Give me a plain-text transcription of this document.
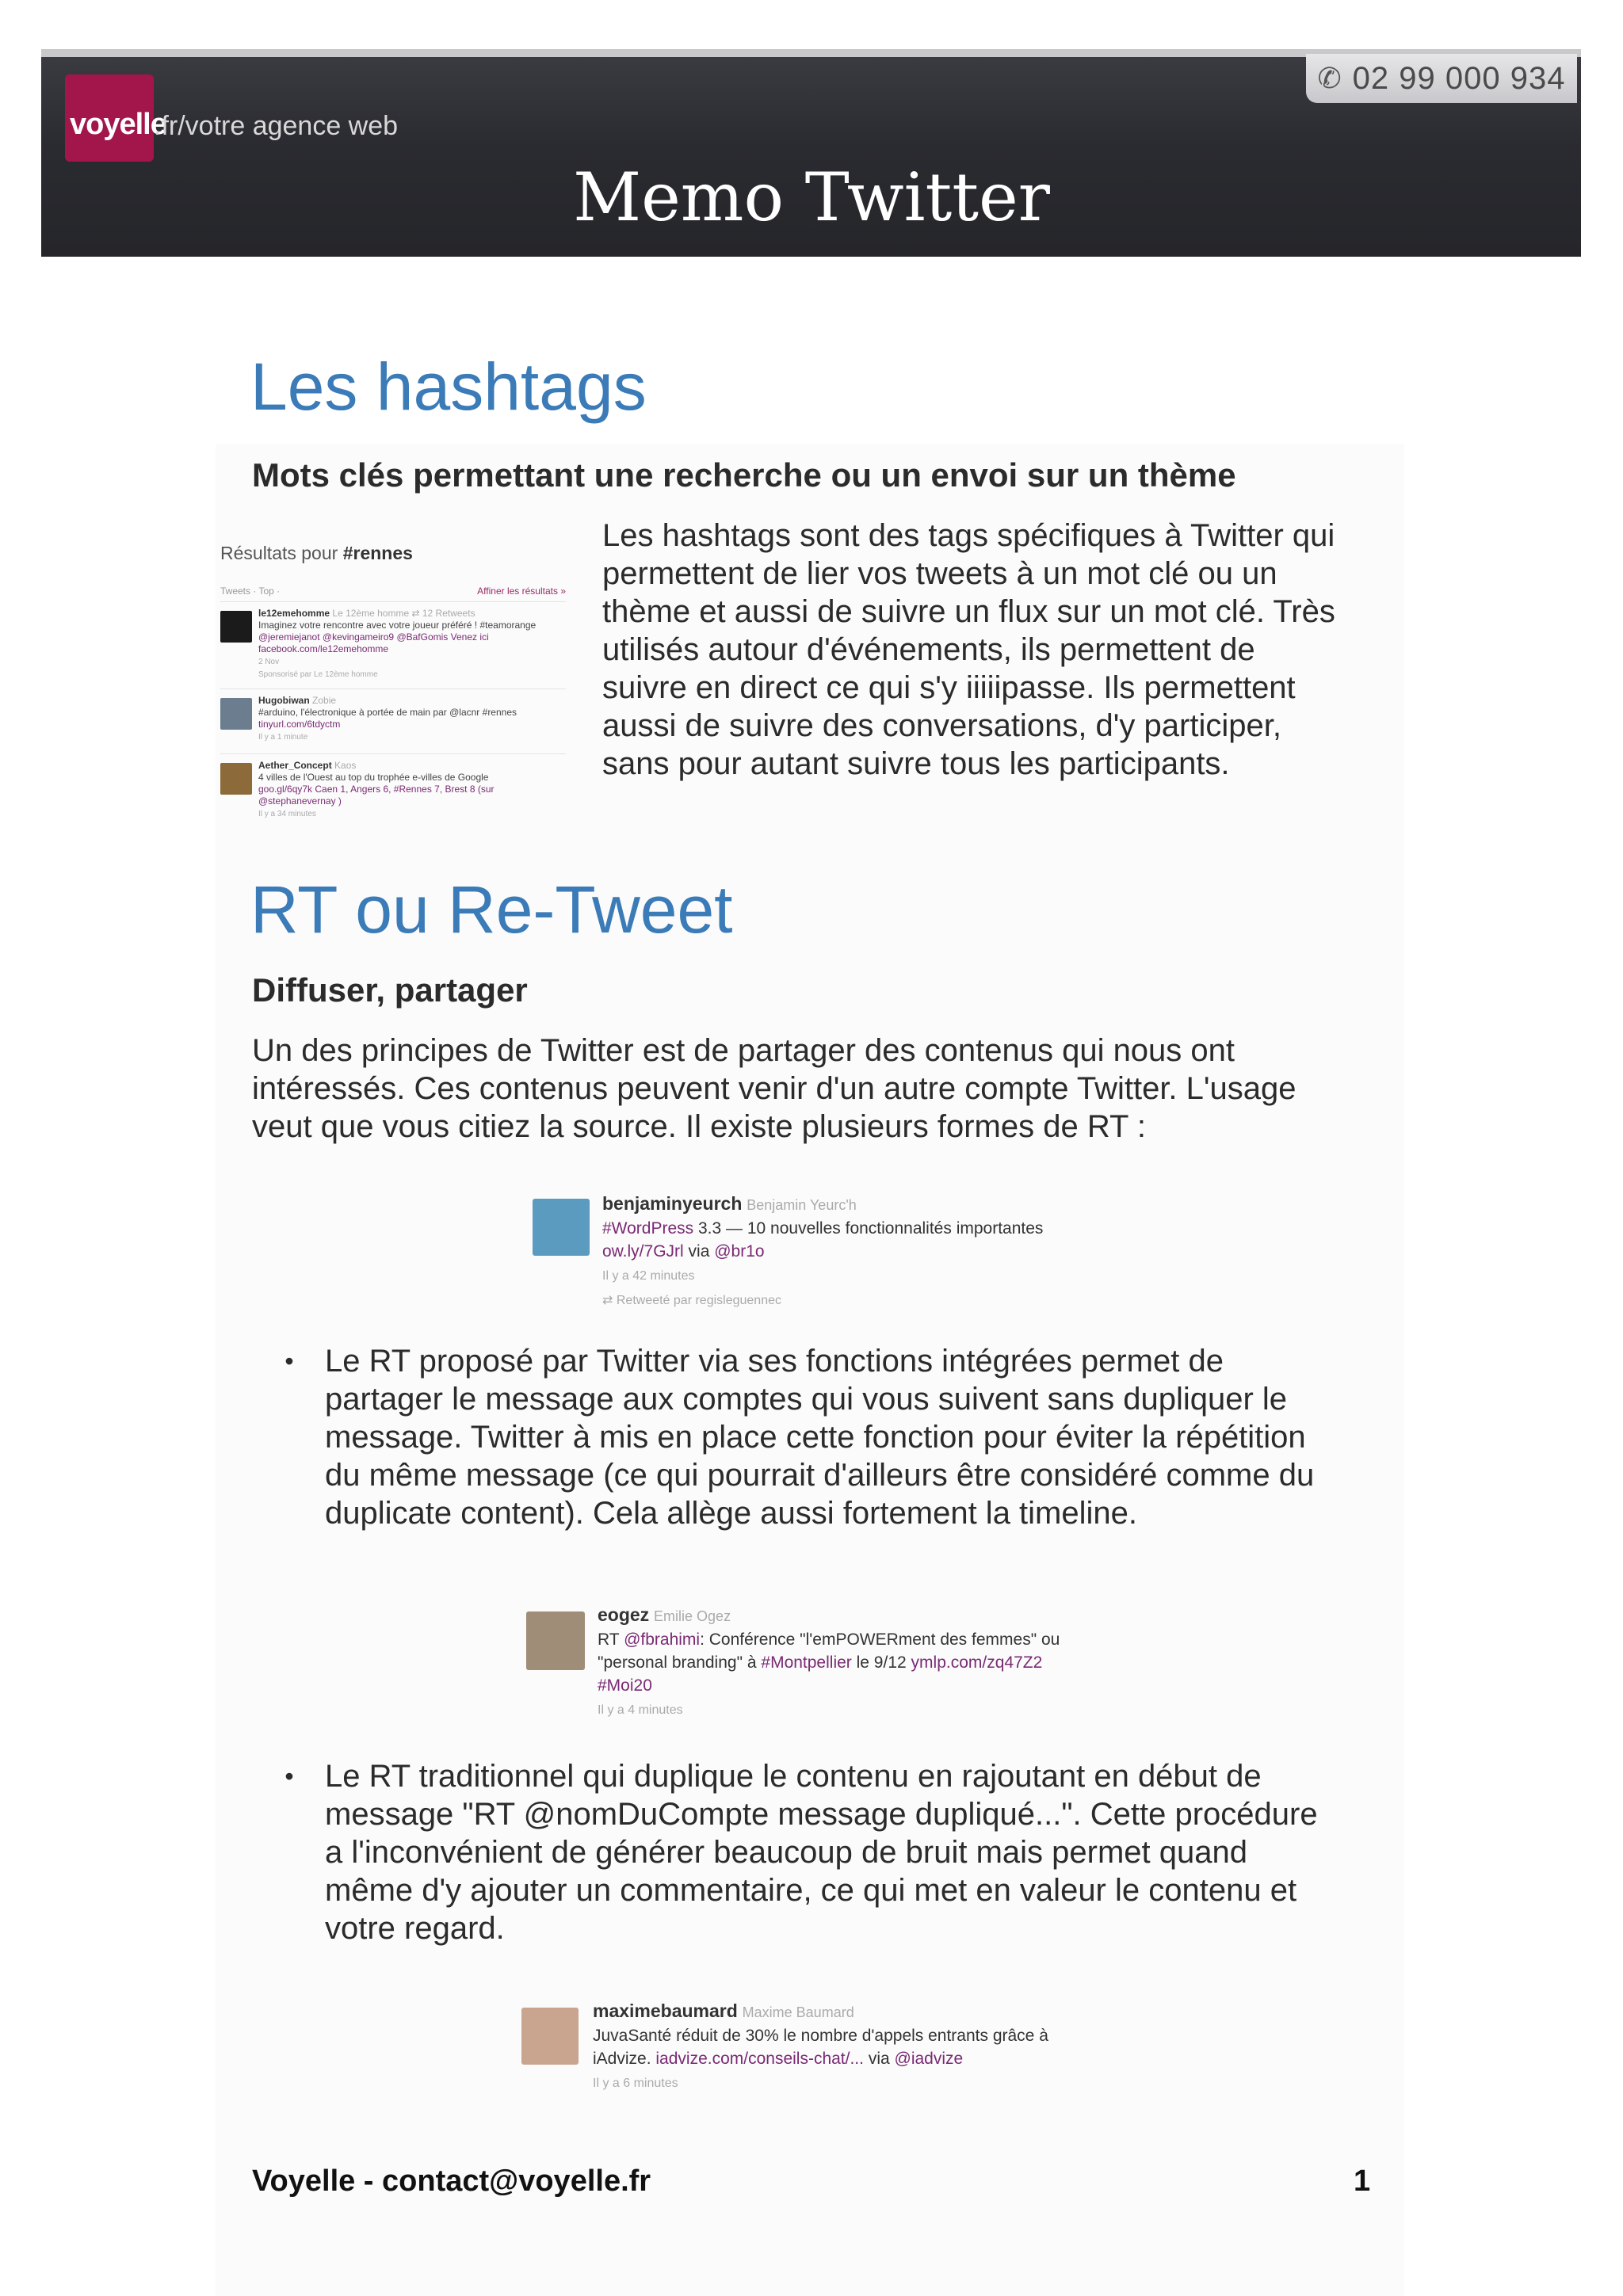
voyelle
.fr/votre agence web
✆ 02 99 000 934
Memo Twitter
Les hashtags
Mots clés permettant une recherche ou un envoi sur un thème
Résultats pour #rennes
Tweets · Top ·	Affiner les résultats »
le12emehomme Le 12ème homme ⇄ 12 Retweets
Imaginez votre rencontre avec votre joueur préféré ! #teamorange
@jeremiejanot @kevingameiro9 @BafGomis Venez ici
facebook.com/le12emehomme
2 Nov
Sponsorisé par Le 12ème homme
Hugobiwan Zobie
#arduino, l'électronique à portée de main par @lacnr #rennes
tinyurl.com/6tdyctm
Il y a 1 minute
Aether_Concept Kaos
4 villes de l'Ouest au top du trophée e-villes de Google
goo.gl/6qy7k Caen 1, Angers 6, #Rennes 7, Brest 8 (sur
@stephanevernay )
Il y a 34 minutes
Les hashtags sont des tags spécifiques à Twitter qui
permettent de lier vos tweets à un mot clé ou un
thème et aussi de suivre un flux sur un mot clé. Très
utilisés autour d'événements, ils permettent de
suivre en direct ce qui s'y iiiiipasse. Ils permettent
aussi de suivre des conversations, d'y participer,
sans pour autant suivre tous les participants.
RT ou Re-Tweet
Diffuser, partager
Un des principes de Twitter est de partager des contenus qui nous ont
intéressés. Ces contenus peuvent venir d'un autre compte Twitter. L'usage
veut que vous citiez la source. Il existe plusieurs formes de RT :
benjaminyeurch Benjamin Yeurc'h
#WordPress 3.3 — 10 nouvelles fonctionnalités importantes
ow.ly/7GJrl via @br1o
Il y a 42 minutes
⇄ Retweeté par regisleguennec
• Le RT proposé par Twitter via ses fonctions intégrées permet de
partager le message aux comptes qui vous suivent sans dupliquer le
message. Twitter à mis en place cette fonction pour éviter la répétition
du même message (ce qui pourrait d'ailleurs être considéré comme du
duplicate content). Cela allège aussi fortement la timeline.
eogez Emilie Ogez
RT @fbrahimi: Conférence "l'emPOWERment des femmes" ou
"personal branding" à #Montpellier le 9/12 ymlp.com/zq47Z2
#Moi20
Il y a 4 minutes
• Le RT traditionnel qui duplique le contenu en rajoutant en début de
message "RT @nomDuCompte message dupliqué...". Cette procédure
a l'inconvénient de générer beaucoup de bruit mais permet quand
même d'y ajouter un commentaire, ce qui met en valeur le contenu et
votre regard.
maximebaumard Maxime Baumard
JuvaSanté réduit de 30% le nombre d'appels entrants grâce à
iAdvize. iadvize.com/conseils-chat/... via @iadvize
Il y a 6 minutes
Voyelle - contact@voyelle.fr	1
